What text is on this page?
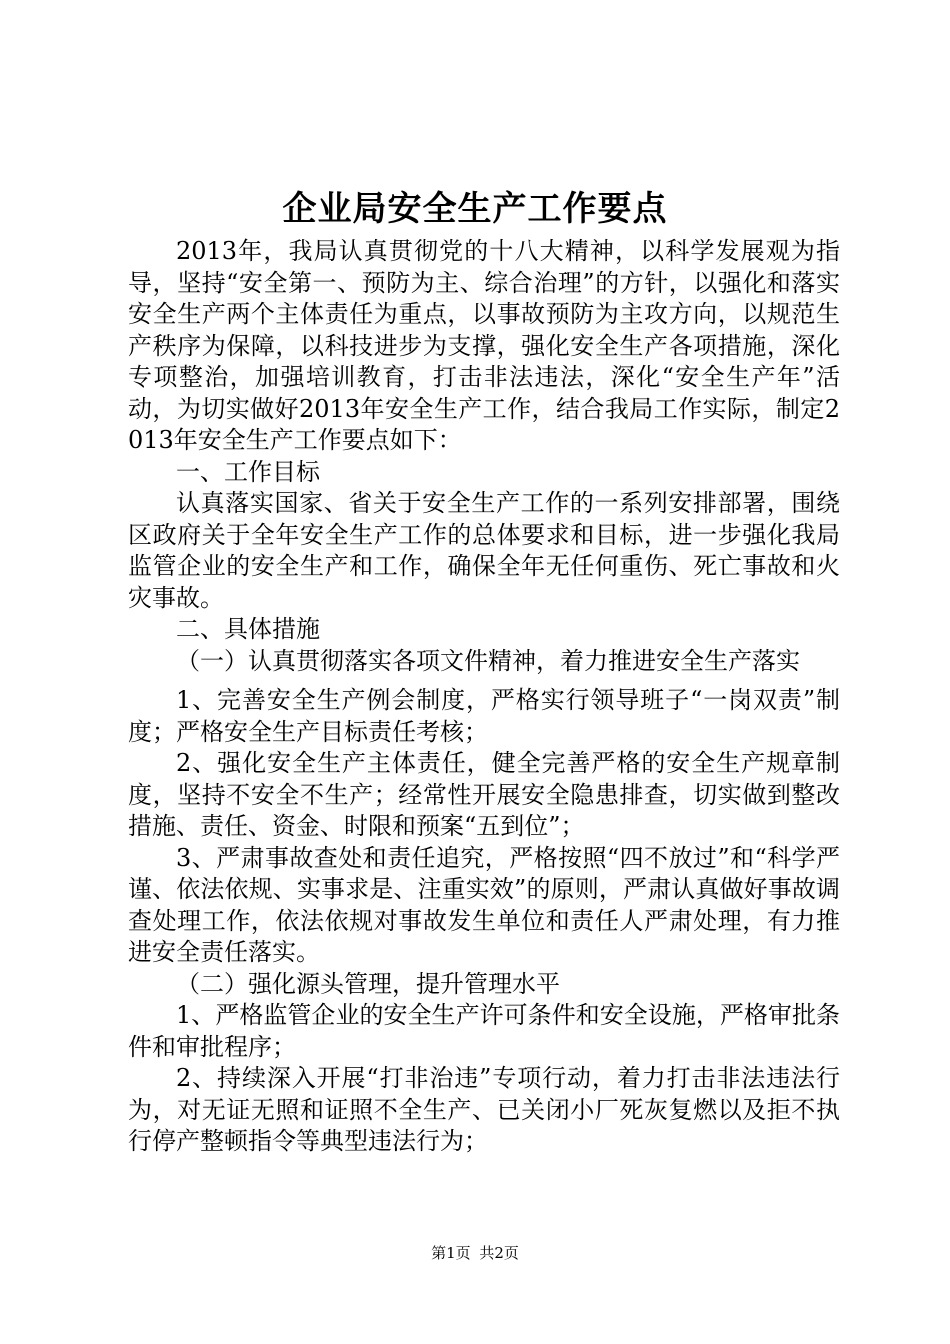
企业局安全生产工作要点

2013年，我局认真贯彻党的十八大精神，以科学发展观为指导，坚持“安全第一、预防为主、综合治理”的方针，以强化和落实安全生产两个主体责任为重点，以事故预防为主攻方向，以规范生产秩序为保障，以科技进步为支撑，强化安全生产各项措施，深化专项整治，加强培训教育，打击非法违法，深化“安全生产年”活动，为切实做好2013年安全生产工作，结合我局工作实际，制定2013年安全生产工作要点如下：

一、工作目标

认真落实国家、省关于安全生产工作的一系列安排部署，围绕区政府关于全年安全生产工作的总体要求和目标，进一步强化我局监管企业的安全生产和工作，确保全年无任何重伤、死亡事故和火灾事故。

二、具体措施

（一）认真贯彻落实各项文件精神，着力推进安全生产落实

1、完善安全生产例会制度，严格实行领导班子“一岗双责”制度；严格安全生产目标责任考核；

2、强化安全生产主体责任，健全完善严格的安全生产规章制度，坚持不安全不生产；经常性开展安全隐患排查，切实做到整改措施、责任、资金、时限和预案“五到位”；

3、严肃事故查处和责任追究，严格按照“四不放过”和“科学严谨、依法依规、实事求是、注重实效”的原则，严肃认真做好事故调查处理工作，依法依规对事故发生单位和责任人严肃处理，有力推进安全责任落实。

（二）强化源头管理，提升管理水平

1、严格监管企业的安全生产许可条件和安全设施，严格审批条件和审批程序；

2、持续深入开展“打非治违”专项行动，着力打击非法违法行为，对无证无照和证照不全生产、已关闭小厂死灰复燃以及拒不执行停产整顿指令等典型违法行为；

第1页 共2页
